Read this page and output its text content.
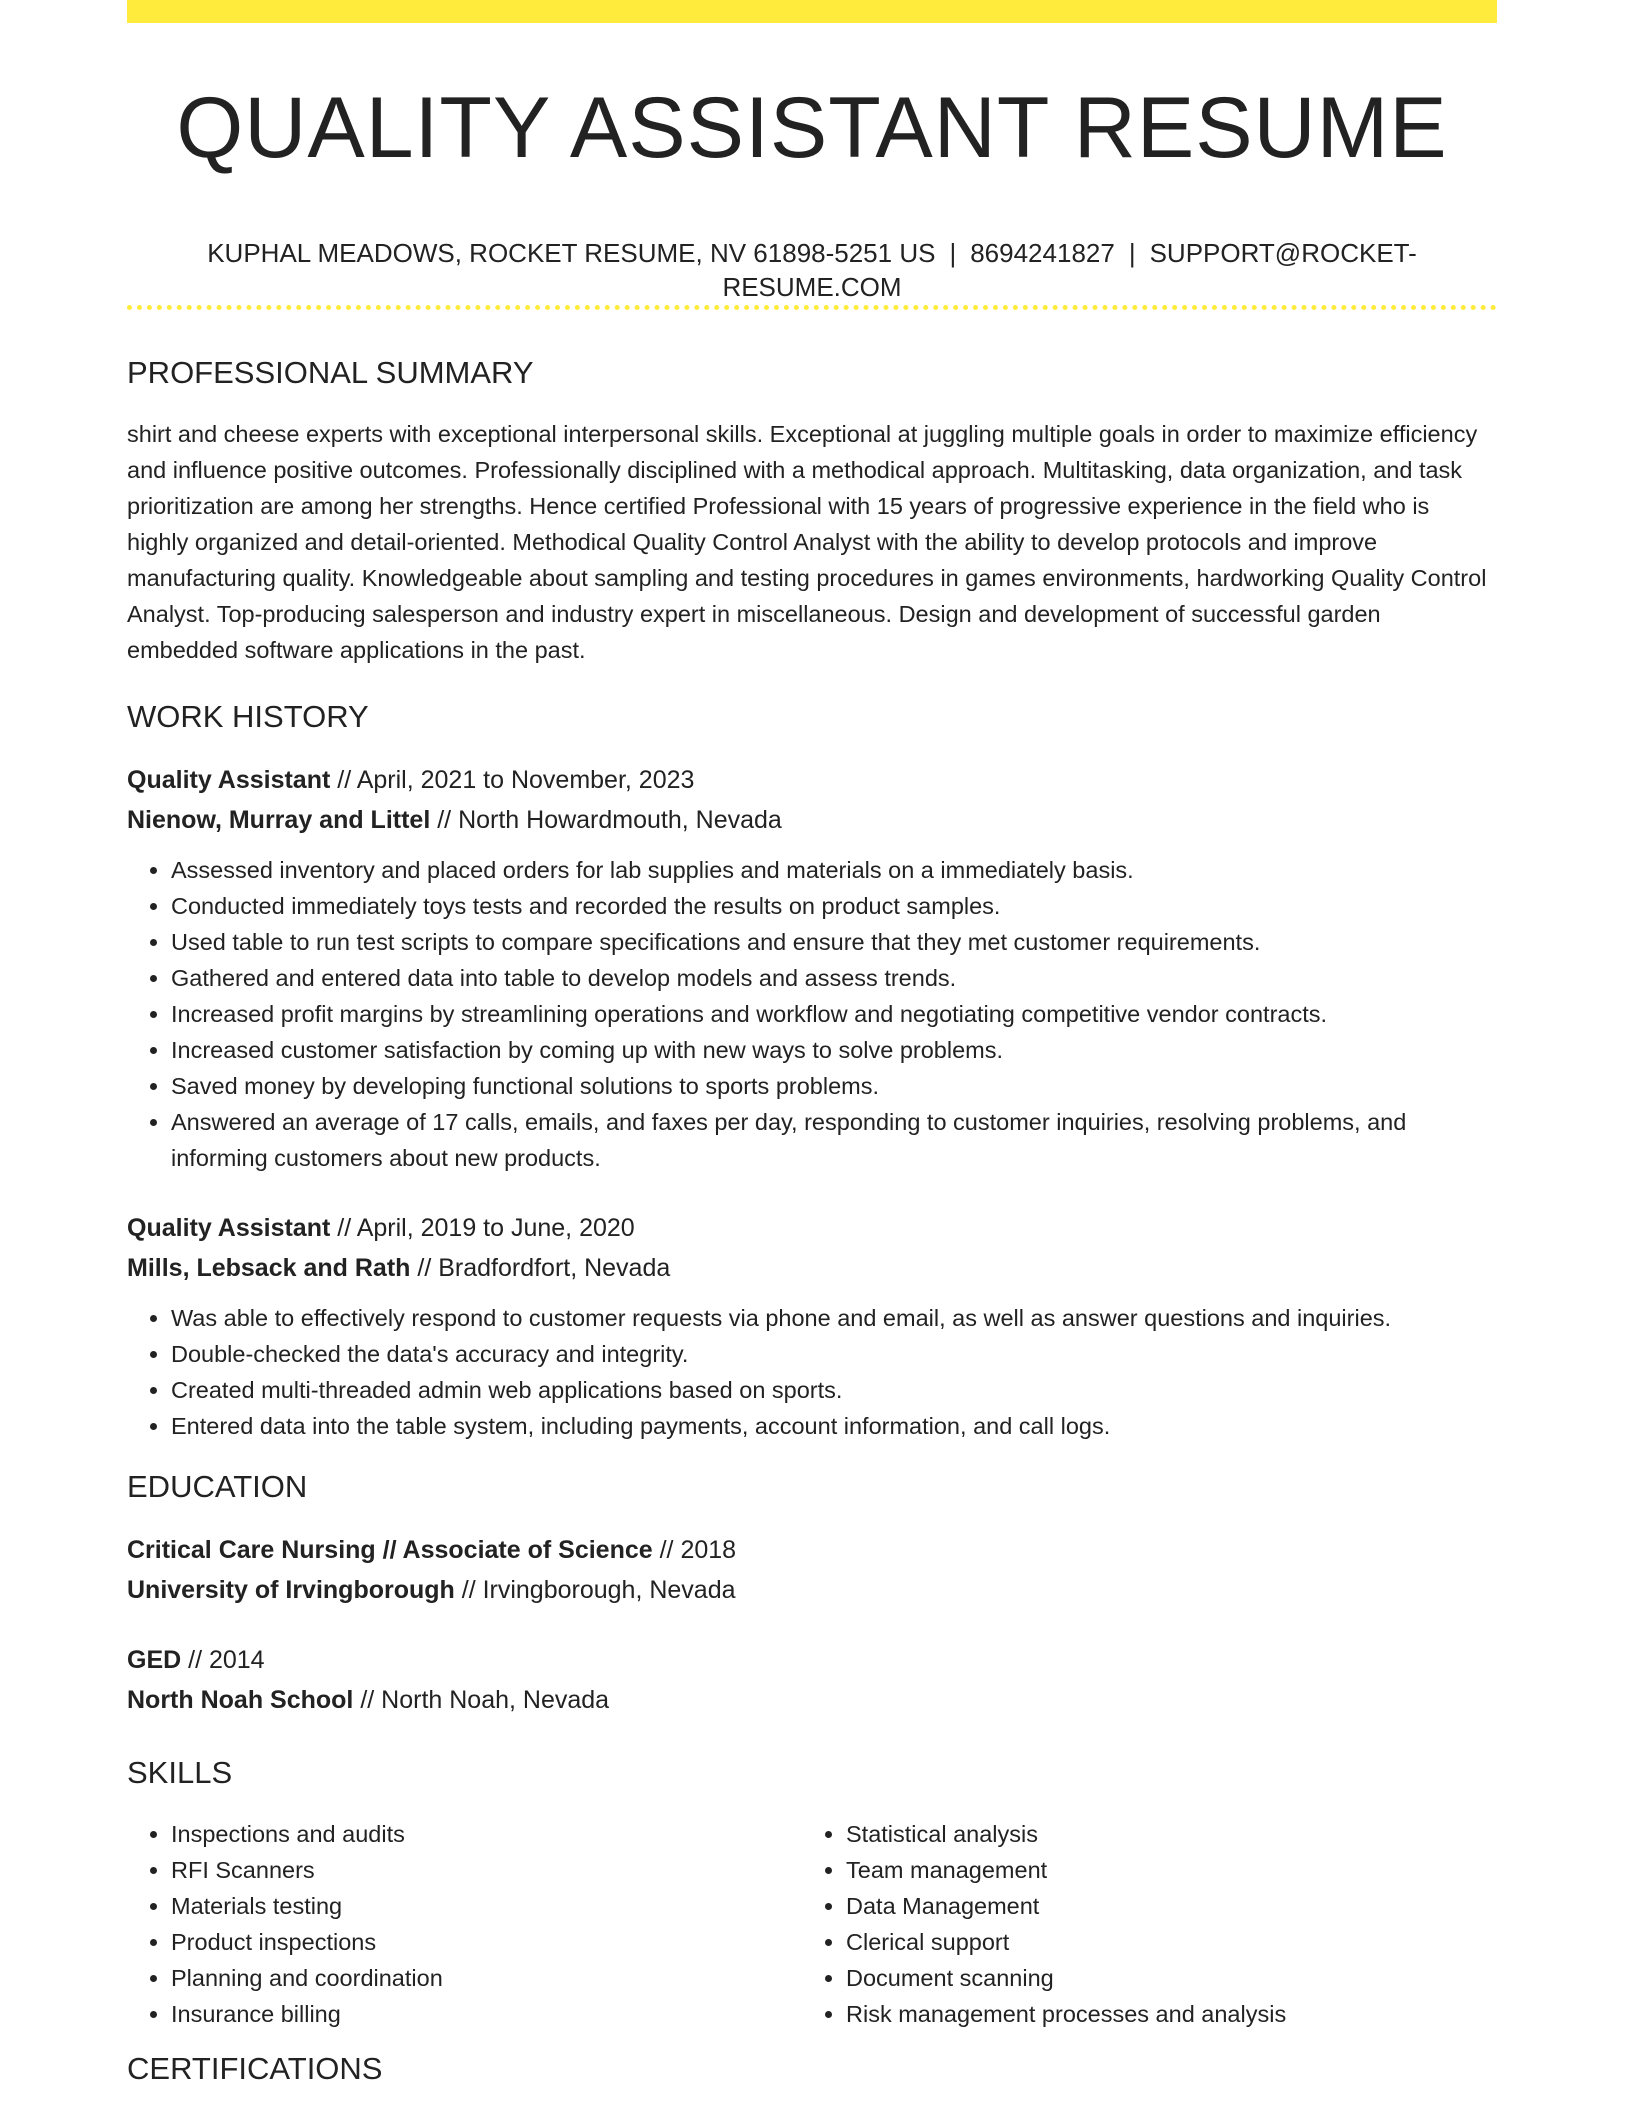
QUALITY ASSISTANT RESUME
KUPHAL MEADOWS, ROCKET RESUME, NV 61898-5251 US | 8694241827 | SUPPORT@ROCKET-RESUME.COM
PROFESSIONAL SUMMARY

shirt and cheese experts with exceptional interpersonal skills. Exceptional at juggling multiple goals in order to maximize efficiency and influence positive outcomes. Professionally disciplined with a methodical approach. Multitasking, data organization, and task prioritization are among her strengths. Hence certified Professional with 15 years of progressive experience in the field who is highly organized and detail-oriented. Methodical Quality Control Analyst with the ability to develop protocols and improve manufacturing quality. Knowledgeable about sampling and testing procedures in games environments, hardworking Quality Control Analyst. Top-producing salesperson and industry expert in miscellaneous. Design and development of successful garden embedded software applications in the past.

WORK HISTORY

Quality Assistant // April, 2021 to November, 2023

Nienow, Murray and Littel // North Howardmouth, Nevada

• Assessed inventory and placed orders for lab supplies and materials on a immediately basis.
• Conducted immediately toys tests and recorded the results on product samples.
• Used table to run test scripts to compare specifications and ensure that they met customer requirements.
• Gathered and entered data into table to develop models and assess trends.
• Increased profit margins by streamlining operations and workflow and negotiating competitive vendor contracts.
• Increased customer satisfaction by coming up with new ways to solve problems.
• Saved money by developing functional solutions to sports problems.
• Answered an average of 17 calls, emails, and faxes per day, responding to customer inquiries, resolving problems, and informing customers about new products.

Quality Assistant // April, 2019 to June, 2020

Mills, Lebsack and Rath // Bradfordfort, Nevada

• Was able to effectively respond to customer requests via phone and email, as well as answer questions and inquiries.
• Double-checked the data's accuracy and integrity.
• Created multi-threaded admin web applications based on sports.
• Entered data into the table system, including payments, account information, and call logs.
EDUCATION

Critical Care Nursing // Associate of Science // 2018

University of Irvingborough // Irvingborough, Nevada

GED // 2014

North Noah School // North Noah, Nevada

SKILLS
• Inspections and audits
• RFI Scanners
• Materials testing
• Product inspections
• Planning and coordination
• Insurance billing
• Statistical analysis
• Team management
• Data Management
• Clerical support
• Document scanning
• Risk management processes and analysis
CERTIFICATIONS
